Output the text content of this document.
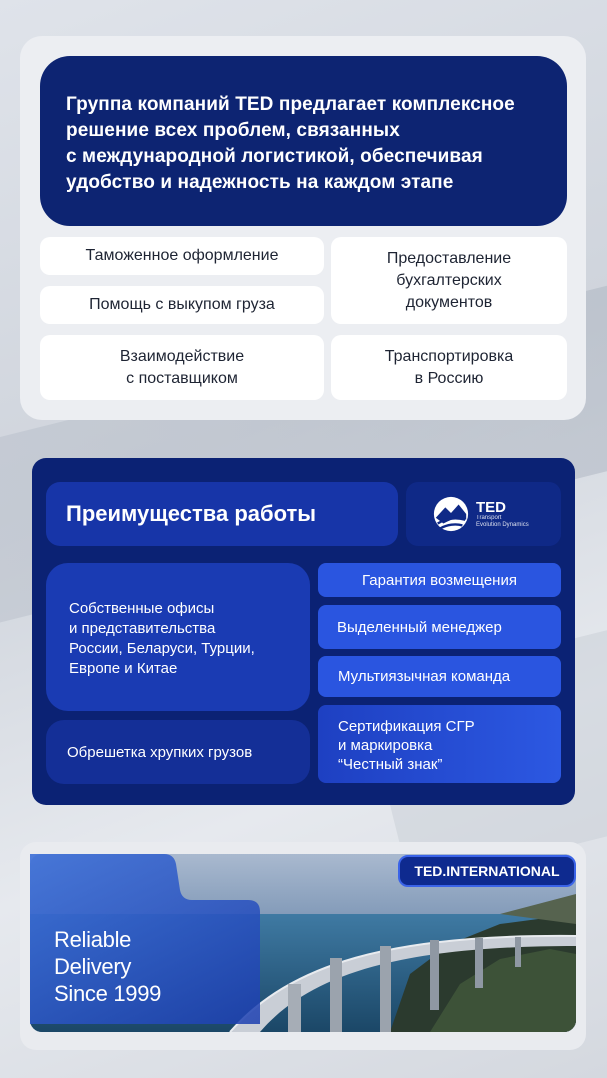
Группа компаний TED предлагает комплексное
решение всех проблем, связанных
с международной логистикой, обеспечивая
удобство и надежность на каждом этапе
Таможенное оформление
Помощь с выкупом груза
Взаимодействие
с поставщиком
Предоставление
бухгалтерских
документов
Транспортировка
в Россию
Преимущества работы	TED
Transport
Evolution Dynamics
Собственные офисы
и представительства
России, Беларуси, Турции,
Европе и Китае
Обрешетка хрупких грузов
Гарантия возмещения
Выделенный менеджер
Мультиязычная команда
Сертификация СГР
и маркировка
“Честный знак”
Reliable
Delivery
Since 1999
TED.INTERNATIONAL
